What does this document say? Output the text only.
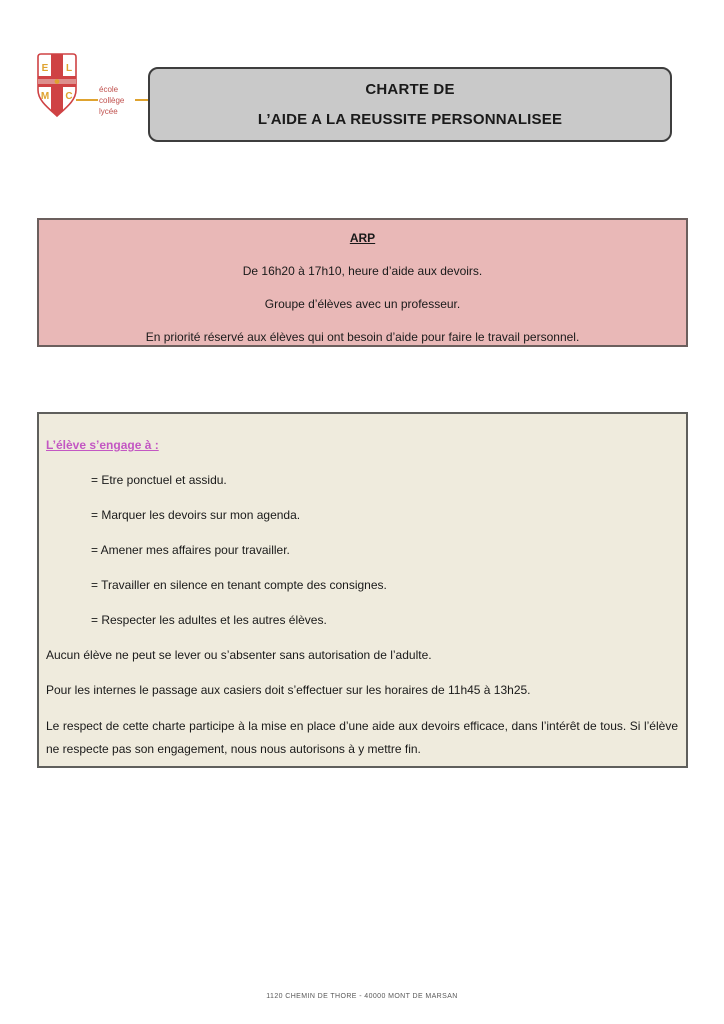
E L
M C
école
collège
lycée
CHARTE DE
L’AIDE A LA REUSSITE PERSONNALISEE
ARP
De 16h20 à 17h10, heure d’aide aux devoirs.
Groupe d’élèves avec un professeur.
En priorité réservé aux élèves qui ont besoin d’aide pour faire le travail personnel.
L’élève s’engage à :
= Etre ponctuel et assidu.
= Marquer les devoirs sur mon agenda.
= Amener mes affaires pour travailler.
= Travailler en silence en tenant compte des consignes.
= Respecter les adultes et les autres élèves.
Aucun élève ne peut se lever ou s’absenter sans autorisation de l’adulte.
Pour les internes le passage aux casiers doit s’effectuer sur les horaires de 11h45 à 13h25.
Le respect de cette charte participe à la mise en place d’une aide aux devoirs efficace, dans l’intérêt de tous. Si l’élève ne respecte pas son engagement, nous nous autorisons à y mettre fin.
1120 CHEMIN DE THORE - 40000 MONT DE MARSAN
